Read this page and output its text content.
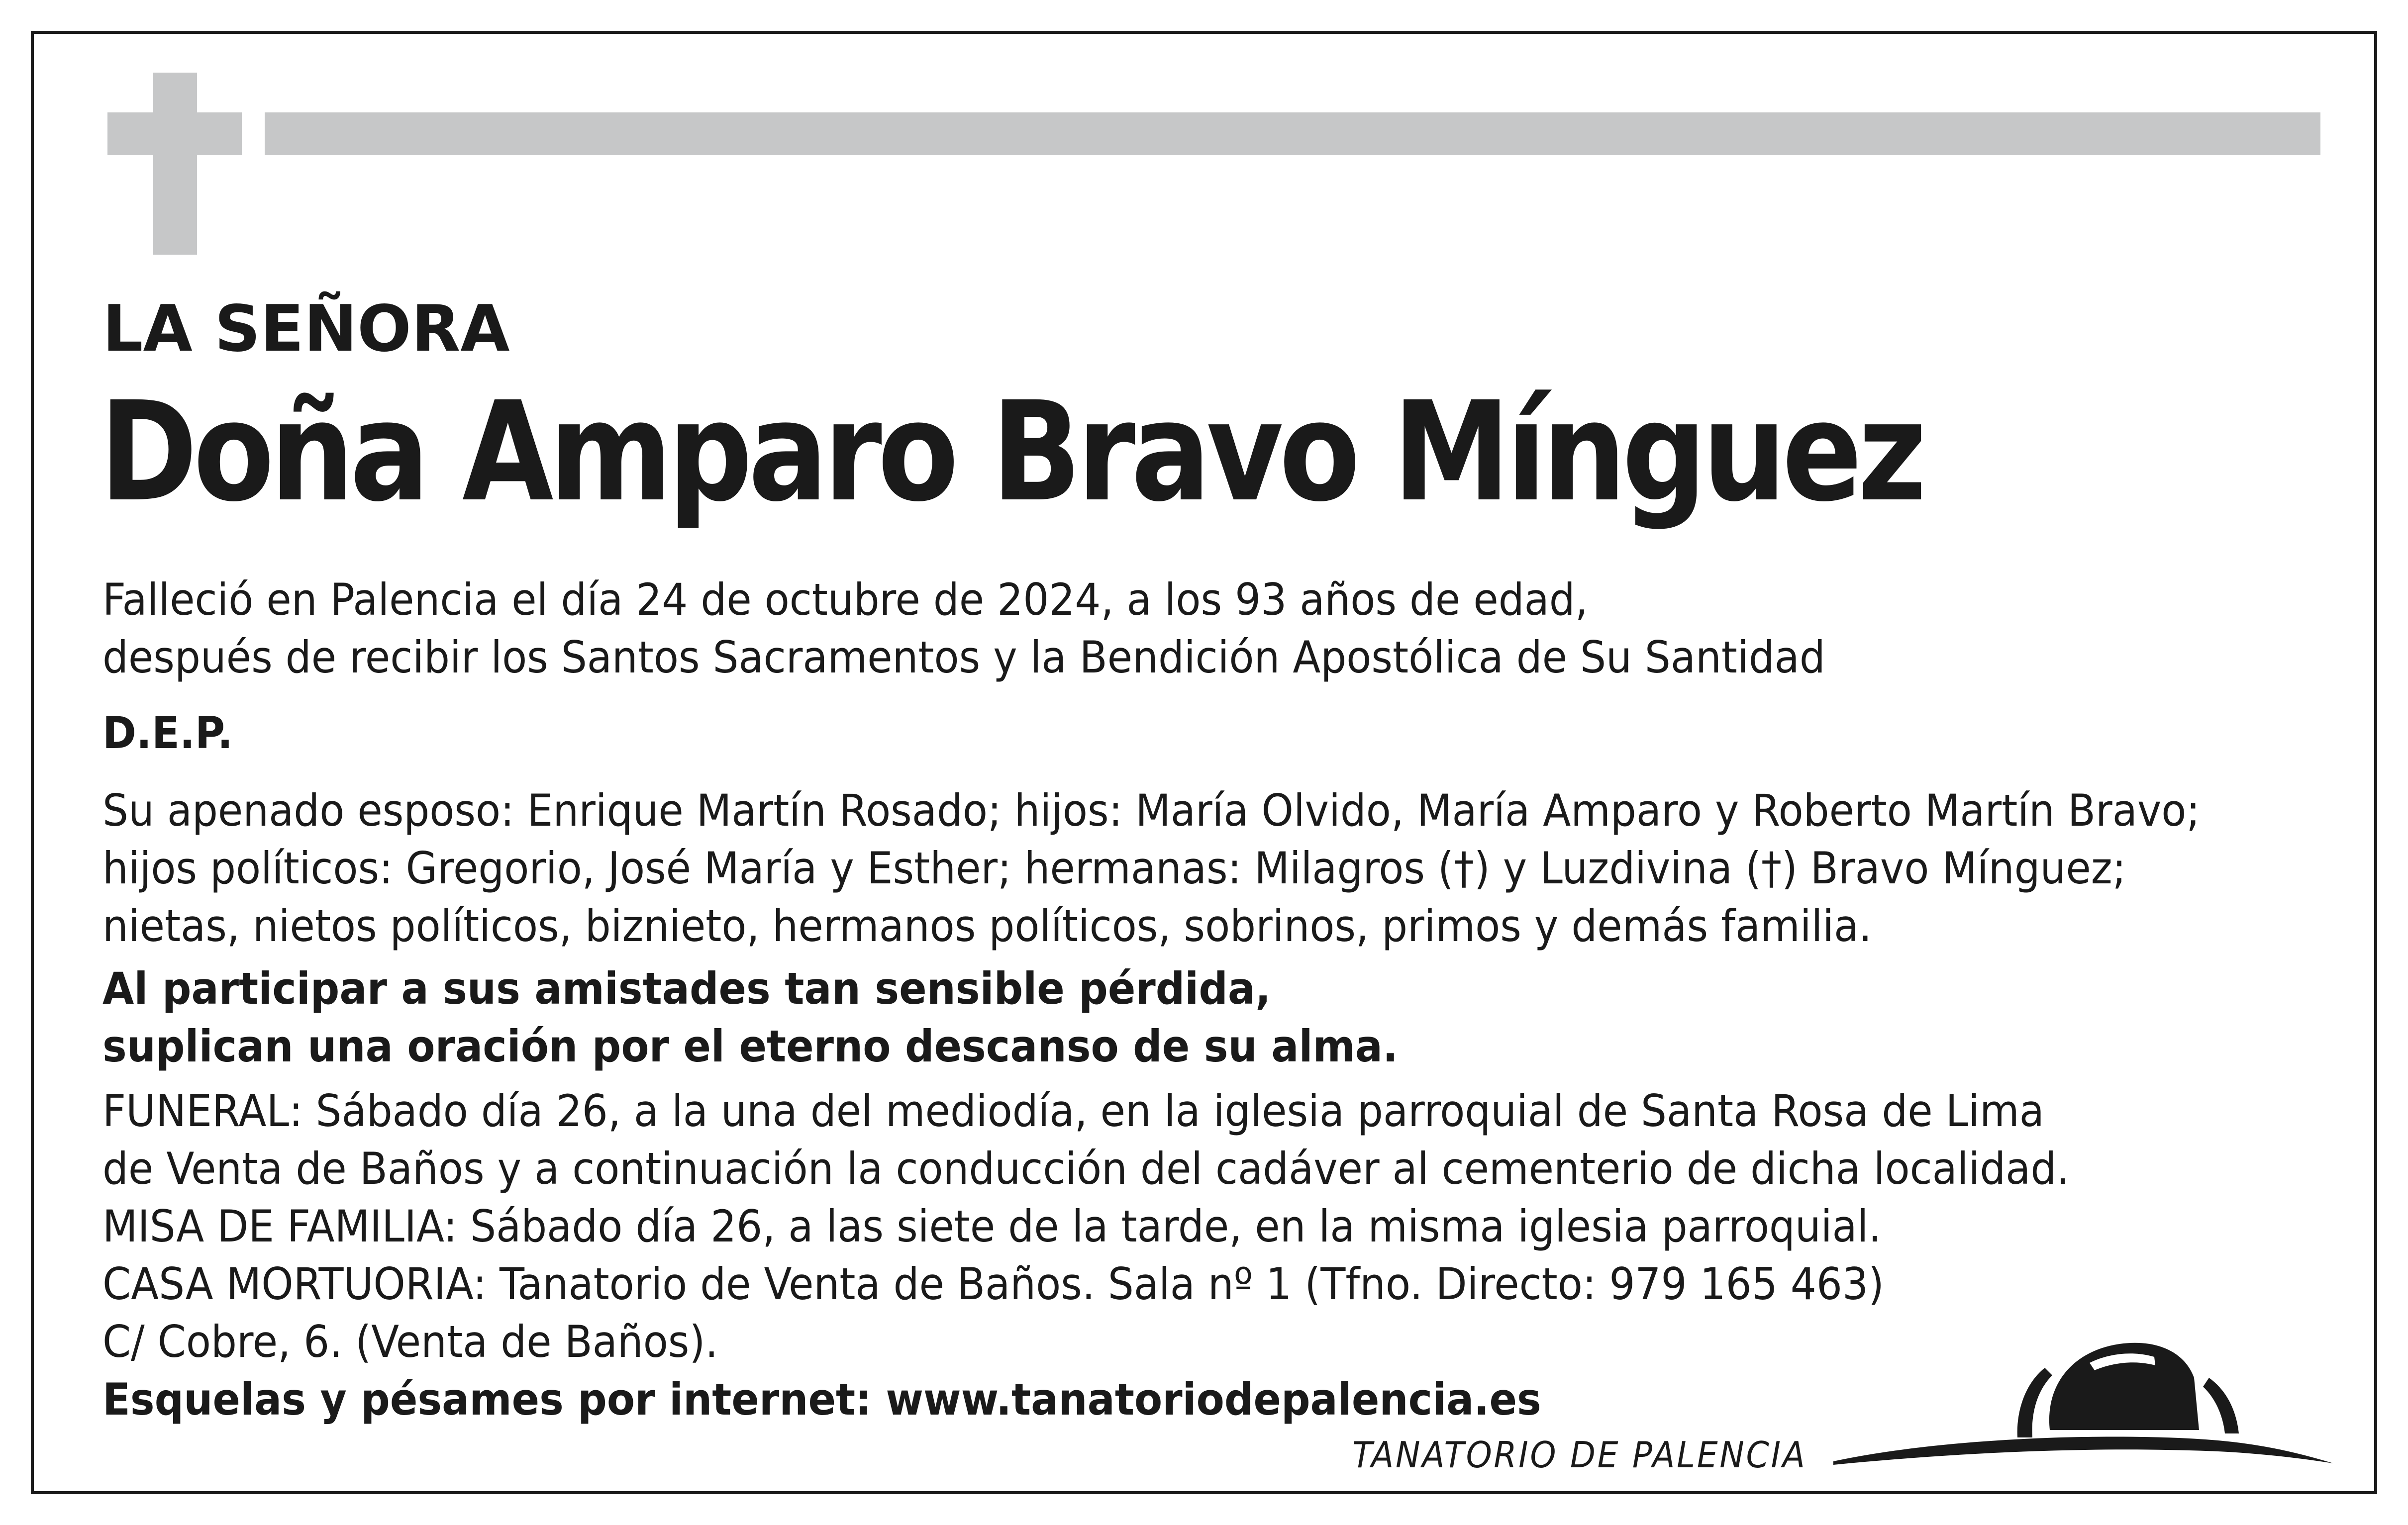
LA SEÑORA
Doña Amparo Bravo Mínguez
Falleció en Palencia el día 24 de octubre de 2024, a los 93 años de edad,
después de recibir los Santos Sacramentos y la Bendición Apostólica de Su Santidad
D.E.P.
Su apenado esposo: Enrique Martín Rosado; hijos: María Olvido, María Amparo y Roberto Martín Bravo;
hijos políticos: Gregorio, José María y Esther; hermanas: Milagros (†) y Luzdivina (†) Bravo Mínguez;
nietas, nietos políticos, biznieto, hermanos políticos, sobrinos, primos y demás familia.
Al participar a sus amistades tan sensible pérdida,
suplican una oración por el eterno descanso de su alma.
FUNERAL: Sábado día 26, a la una del mediodía, en la iglesia parroquial de Santa Rosa de Lima
de Venta de Baños y a continuación la conducción del cadáver al cementerio de dicha localidad.
MISA DE FAMILIA: Sábado día 26, a las siete de la tarde, en la misma iglesia parroquial.
CASA MORTUORIA: Tanatorio de Venta de Baños. Sala nº 1 (Tfno. Directo: 979 165 463)
C/ Cobre, 6. (Venta de Baños).
Esquelas y pésames por internet: www.tanatoriodepalencia.es
TANATORIO DE PALENCIA
